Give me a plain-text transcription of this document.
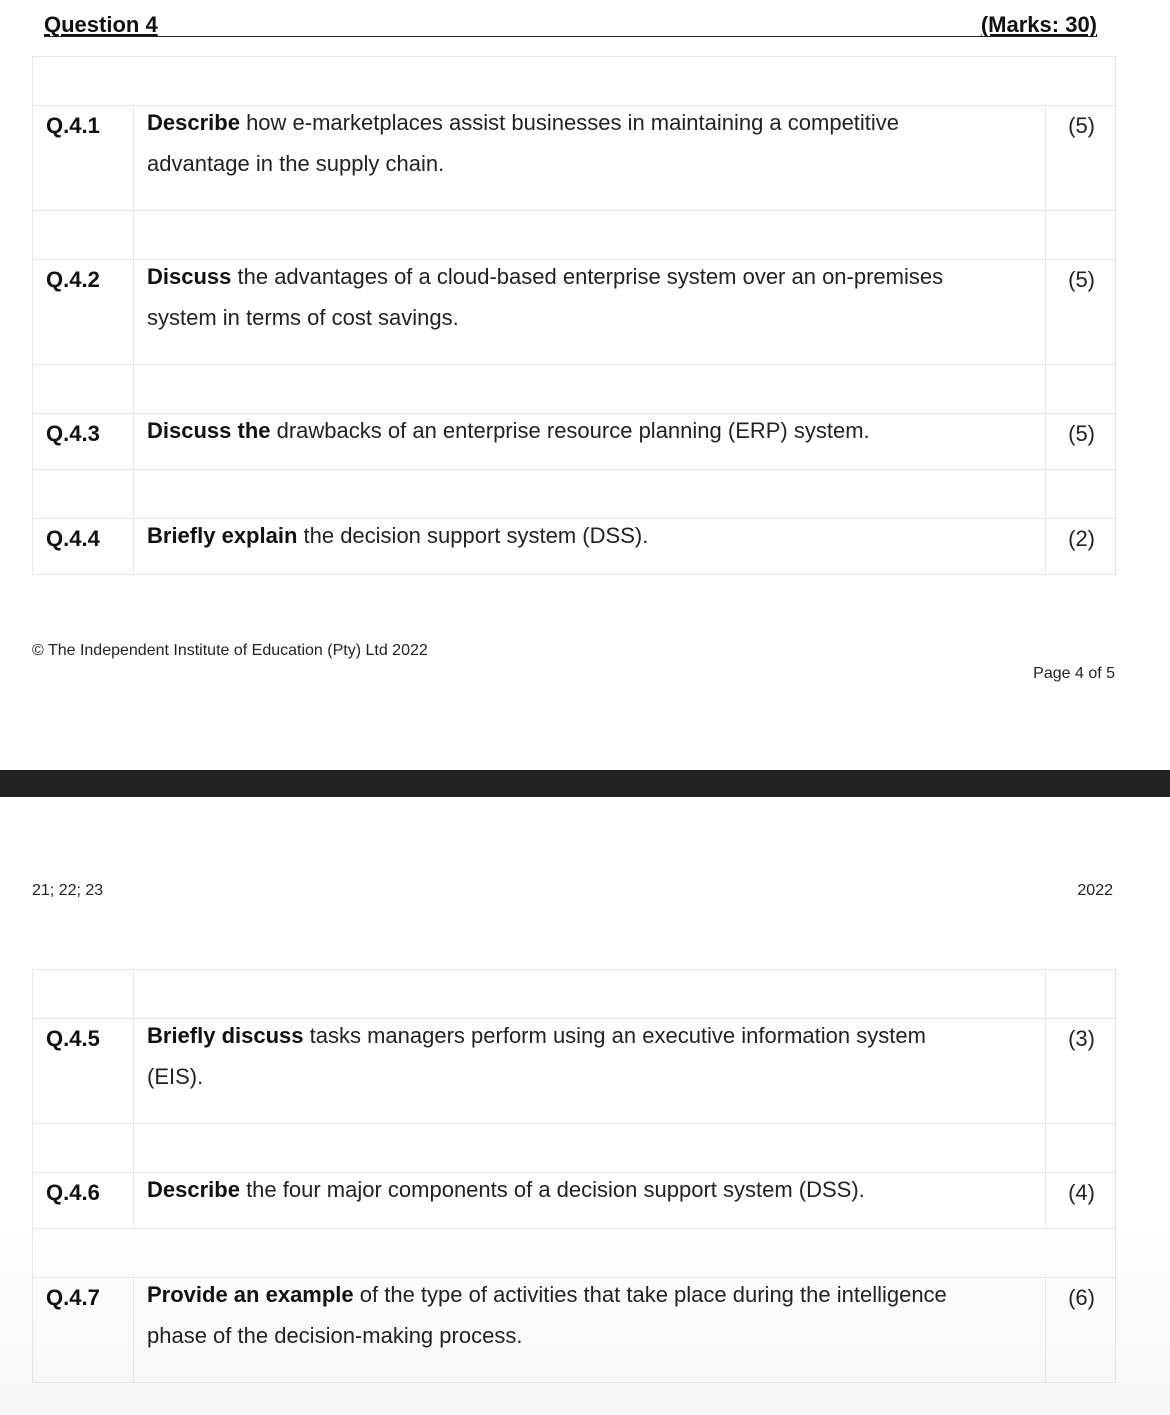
Question 4	(Marks: 30)

Q.4.1	Describe how e-marketplaces assist businesses in maintaining a competitive
advantage in the supply chain.	(5)

Q.4.2	Discuss the advantages of a cloud-based enterprise system over an on-premises
system in terms of cost savings.	(5)

Q.4.3	Discuss the drawbacks of an enterprise resource planning (ERP) system.	(5)

Q.4.4	Briefly explain the decision support system (DSS).	(2)
© The Independent Institute of Education (Pty) Ltd 2022
Page 4 of 5
21; 22; 23	2022

Q.4.5	Briefly discuss tasks managers perform using an executive information system
(EIS).	(3)

Q.4.6	Describe the four major components of a decision support system (DSS).	(4)

Q.4.7	Provide an example of the type of activities that take place during the intelligence
phase of the decision-making process.	(6)
